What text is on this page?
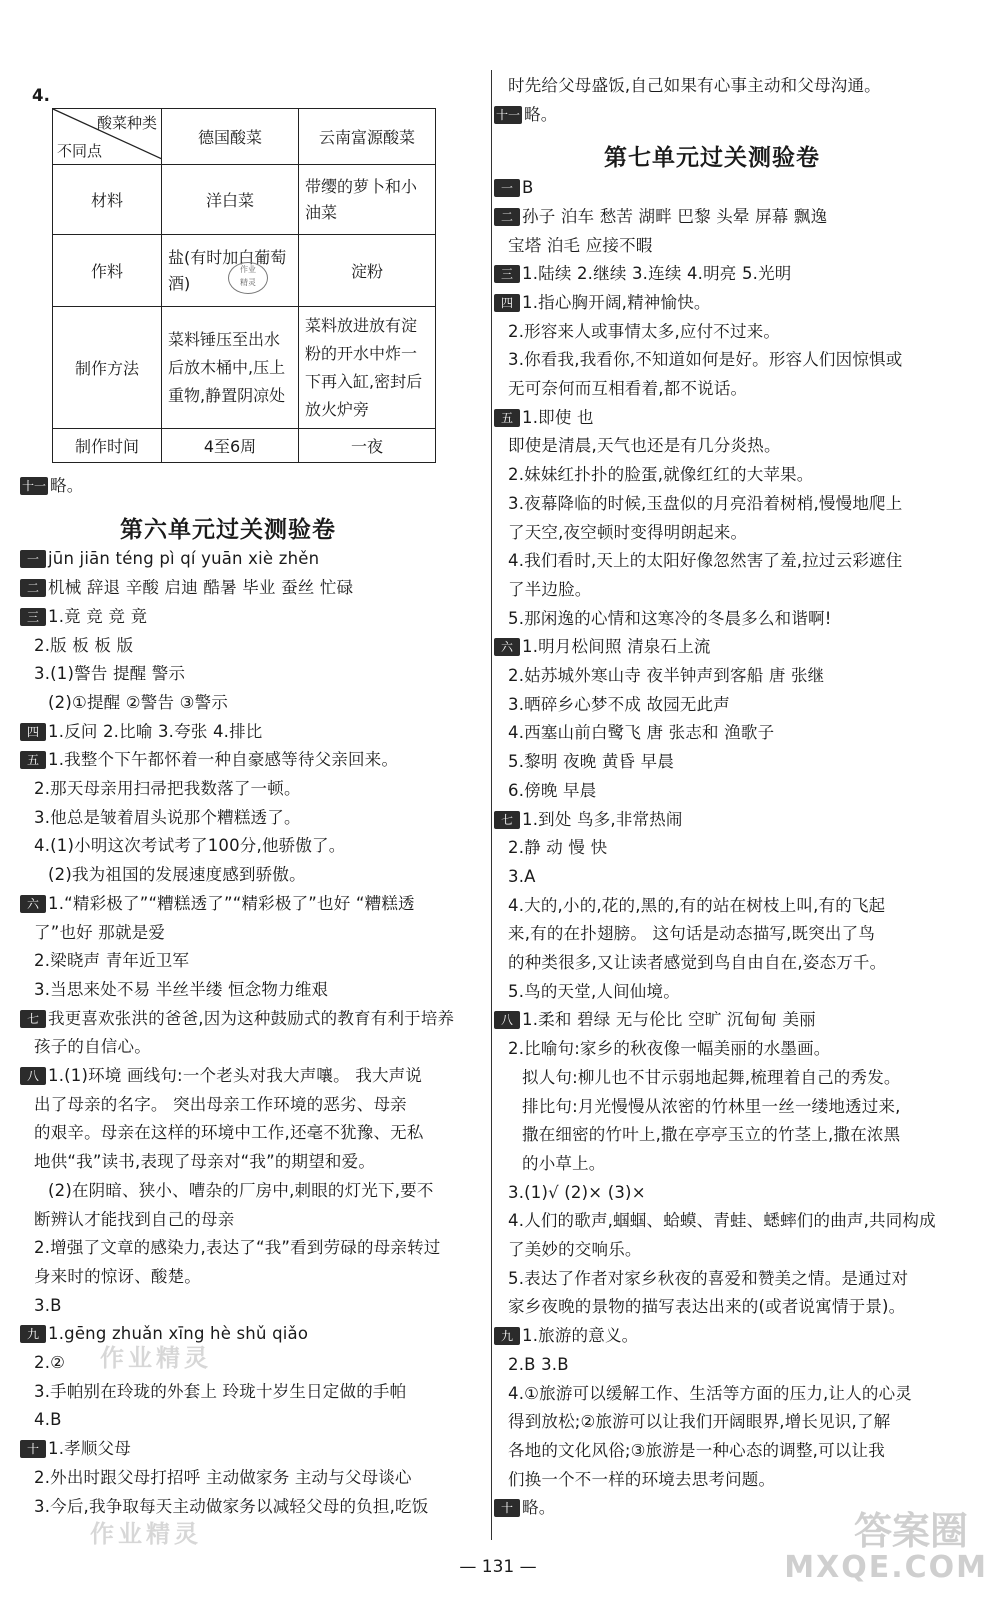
4.
酸菜种类
不同点	德国酸菜	云南富源酸菜
材料	洋白菜	带缨的萝卜和小油菜
作料	盐(有时加白葡萄酒)	淀粉
制作方法	菜料锤压至出水后放木桶中,压上重物,静置阴凉处	菜料放进放有淀粉的开水中炸一下再入缸,密封后放火炉旁
制作时间	4至6周	一夜
作业
精灵
十一 略。
第六单元过关测验卷
一 jūn jiān téng pì qí yuān xiè zhěn
二 机械 辞退 辛酸 启迪 酷暑 毕业 蚕丝 忙碌
三 1.竟 竞 竞 竟
2.版 板 板 版
3.(1)警告 提醒 警示
(2)①提醒 ②警告 ③警示
四 1.反问 2.比喻 3.夸张 4.排比
五 1.我整个下午都怀着一种自豪感等待父亲回来。
2.那天母亲用扫帚把我数落了一顿。
3.他总是皱着眉头说那个糟糕透了。
4.(1)小明这次考试考了100分,他骄傲了。
(2)我为祖国的发展速度感到骄傲。
六 1.“精彩极了”“糟糕透了”“精彩极了”也好 “糟糕透
了”也好 那就是爱
2.梁晓声 青年近卫军
3.当思来处不易 半丝半缕 恒念物力维艰
七 我更喜欢张洪的爸爸,因为这种鼓励式的教育有利于培养
孩子的自信心。
八 1.(1)环境 画线句:一个老头对我大声嚷。 我大声说
出了母亲的名字。 突出母亲工作环境的恶劣、母亲
的艰辛。母亲在这样的环境中工作,还毫不犹豫、无私
地供“我”读书,表现了母亲对“我”的期望和爱。
(2)在阴暗、狭小、嘈杂的厂房中,刺眼的灯光下,要不
断辨认才能找到自己的母亲
2.增强了文章的感染力,表达了“我”看到劳碌的母亲转过
身来时的惊讶、酸楚。
3.B
九 1.gēng zhuǎn xīng hè shǔ qiǎo
2.②
3.手帕别在玲珑的外套上 玲珑十岁生日定做的手帕
4.B
十 1.孝顺父母
2.外出时跟父母打招呼 主动做家务 主动与父母谈心
3.今后,我争取每天主动做家务以减轻父母的负担,吃饭
时先给父母盛饭,自己如果有心事主动和父母沟通。
十一 略。
第七单元过关测验卷
一 B
二 孙子 泊车 愁苦 湖畔 巴黎 头晕 屏幕 飘逸
宝塔 泊毛 应接不暇
三 1.陆续 2.继续 3.连续 4.明亮 5.光明
四 1.指心胸开阔,精神愉快。
2.形容来人或事情太多,应付不过来。
3.你看我,我看你,不知道如何是好。形容人们因惊惧或
无可奈何而互相看着,都不说话。
五 1.即使 也
即使是清晨,天气也还是有几分炎热。
2.妹妹红扑扑的脸蛋,就像红红的大苹果。
3.夜幕降临的时候,玉盘似的月亮沿着树梢,慢慢地爬上
了天空,夜空顿时变得明朗起来。
4.我们看时,天上的太阳好像忽然害了羞,拉过云彩遮住
了半边脸。
5.那闲逸的心情和这寒冷的冬晨多么和谐啊!
六 1.明月松间照 清泉石上流
2.姑苏城外寒山寺 夜半钟声到客船 唐 张继
3.晒碎乡心梦不成 故园无此声
4.西塞山前白鹭飞 唐 张志和 渔歌子
5.黎明 夜晚 黄昏 早晨
6.傍晚 早晨
七 1.到处 鸟多,非常热闹
2.静 动 慢 快
3.A
4.大的,小的,花的,黑的,有的站在树枝上叫,有的飞起
来,有的在扑翅膀。 这句话是动态描写,既突出了鸟
的种类很多,又让读者感觉到鸟自由自在,姿态万千。
5.鸟的天堂,人间仙境。
八 1.柔和 碧绿 无与伦比 空旷 沉甸甸 美丽
2.比喻句:家乡的秋夜像一幅美丽的水墨画。
拟人句:柳儿也不甘示弱地起舞,梳理着自己的秀发。
排比句:月光慢慢从浓密的竹林里一丝一缕地透过来,
撒在细密的竹叶上,撒在亭亭玉立的竹茎上,撒在浓黑
的小草上。
3.(1)√ (2)× (3)×
4.人们的歌声,蝈蝈、蛤蟆、青蛙、蟋蟀们的曲声,共同构成
了美妙的交响乐。
5.表达了作者对家乡秋夜的喜爱和赞美之情。是通过对
家乡夜晚的景物的描写表达出来的(或者说寓情于景)。
九 1.旅游的意义。
2.B 3.B
4.①旅游可以缓解工作、生活等方面的压力,让人的心灵
得到放松;②旅游可以让我们开阔眼界,增长见识,了解
各地的文化风俗;③旅游是一种心态的调整,可以让我
们换一个不一样的环境去思考问题。
十 略。
作业精灵
作业精灵	答案圈
MXQE.COM
— 131 —
